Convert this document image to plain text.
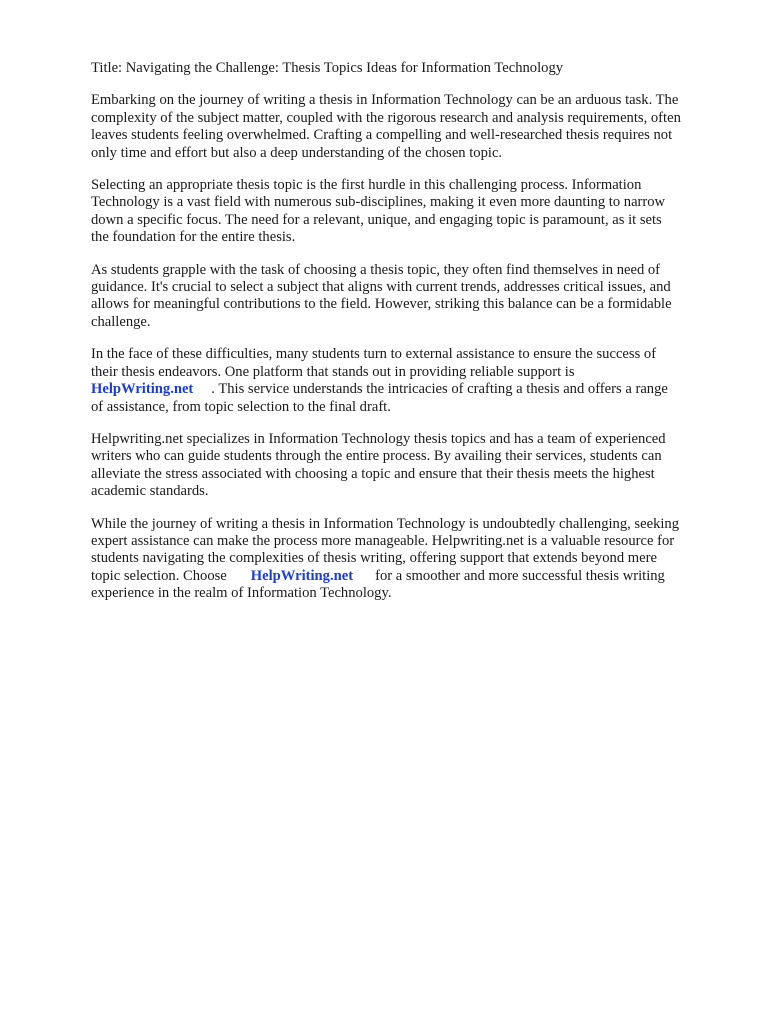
Title: Navigating the Challenge: Thesis Topics Ideas for Information Technology
Embarking on the journey of writing a thesis in Information Technology can be an arduous task. The
complexity of the subject matter, coupled with the rigorous research and analysis requirements, often
leaves students feeling overwhelmed. Crafting a compelling and well-researched thesis requires not
only time and effort but also a deep understanding of the chosen topic.
Selecting an appropriate thesis topic is the first hurdle in this challenging process. Information
Technology is a vast field with numerous sub-disciplines, making it even more daunting to narrow
down a specific focus. The need for a relevant, unique, and engaging topic is paramount, as it sets
the foundation for the entire thesis.
As students grapple with the task of choosing a thesis topic, they often find themselves in need of
guidance. It's crucial to select a subject that aligns with current trends, addresses critical issues, and
allows for meaningful contributions to the field. However, striking this balance can be a formidable
challenge.
In the face of these difficulties, many students turn to external assistance to ensure the success of
their thesis endeavors. One platform that stands out in providing reliable support is
HelpWriting.net . This service understands the intricacies of crafting a thesis and offers a range
of assistance, from topic selection to the final draft.
Helpwriting.net specializes in Information Technology thesis topics and has a team of experienced
writers who can guide students through the entire process. By availing their services, students can
alleviate the stress associated with choosing a topic and ensure that their thesis meets the highest
academic standards.
While the journey of writing a thesis in Information Technology is undoubtedly challenging, seeking
expert assistance can make the process more manageable. Helpwriting.net is a valuable resource for
students navigating the complexities of thesis writing, offering support that extends beyond mere
topic selection. Choose HelpWriting.net for a smoother and more successful thesis writing
experience in the realm of Information Technology.
